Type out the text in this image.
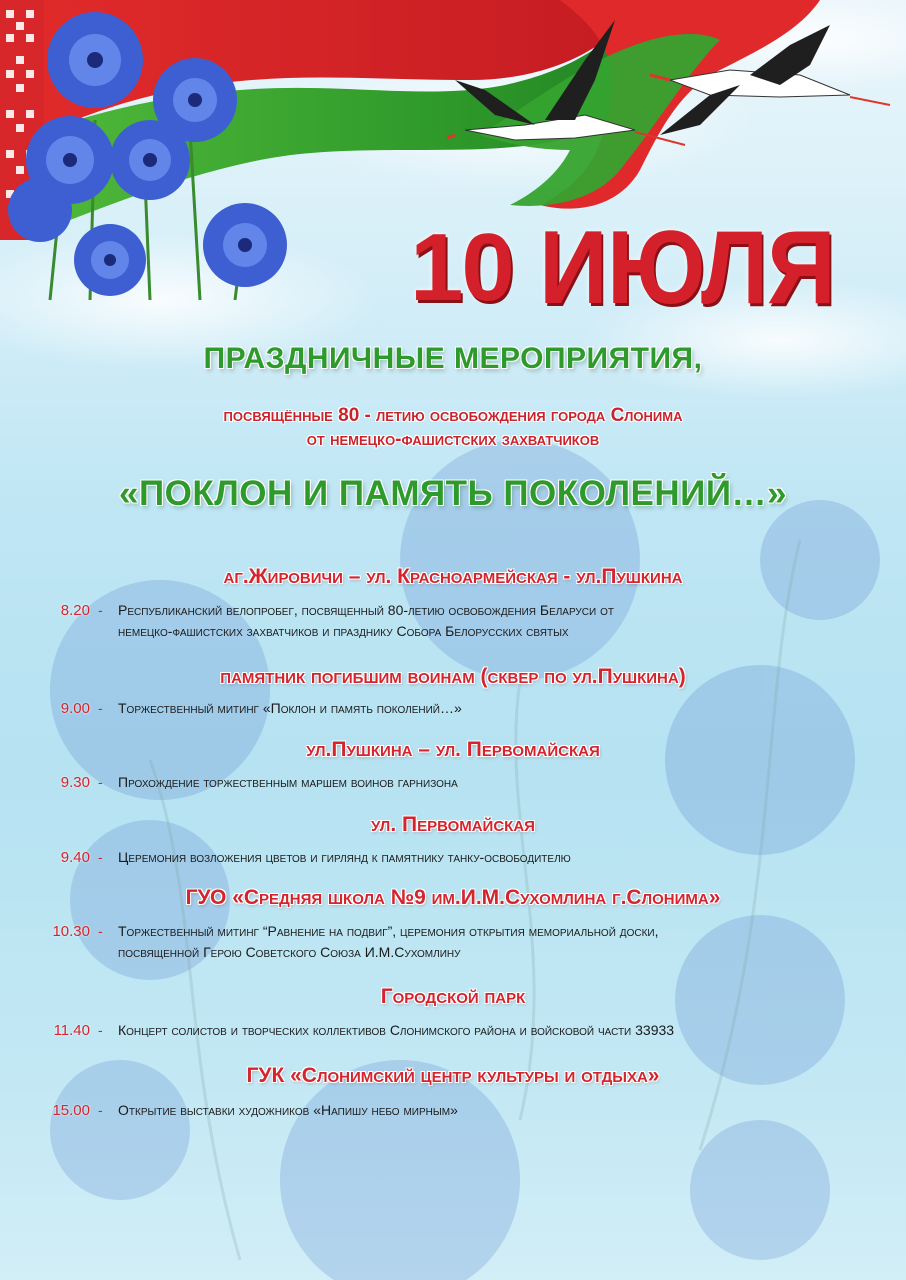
10 ИЮЛЯ
ПРАЗДНИЧНЫЕ МЕРОПРИЯТИЯ,
посвящённые 80 - летию освобождения города Слонима
от немецко-фашистских захватчиков
«ПОКЛОН И ПАМЯТЬ ПОКОЛЕНИЙ…»
аг.Жировичи – ул. Красноармейская - ул.Пушкина
8.20 - Республиканский велопробег, посвященный 80-летию освобождения Беларуси от
немецко-фашистских захватчиков и празднику Собора Белорусских святых
памятник погибшим воинам (сквер по ул.Пушкина)
9.00 - Торжественный митинг «Поклон и память поколений…»
ул.Пушкина – ул. Первомайская
9.30 - Прохождение торжественным маршем воинов гарнизона
ул. Первомайская
9.40 - Церемония возложения цветов и гирлянд к памятнику танку-освободителю
ГУО «Средняя школа №9 им.И.М.Сухомлина г.Слонима»
10.30 - Торжественный митинг “Равнение на подвиг”, церемония открытия мемориальной доски,
посвященной Герою Советского Союза И.М.Сухомлину
Городской парк
11.40 - Концерт солистов и творческих коллективов Слонимского района и войсковой части 33933
ГУК «Слонимский центр культуры и отдыха»
15.00 - Открытие выставки художников «Напишу небо мирным»
